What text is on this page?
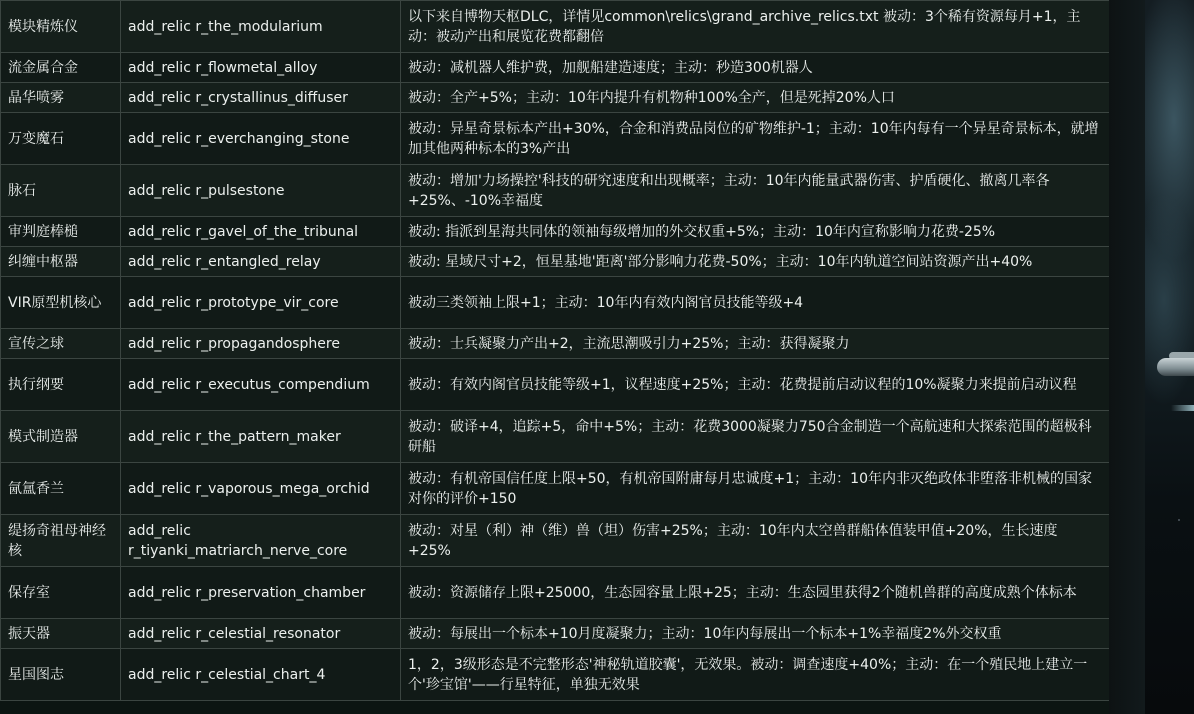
模块精炼仪	add_relic r_the_modularium	以下来自博物天枢DLC，详情见common\relics\grand_archive_relics.txt 被动：3个稀有资源每月+1，主动：被动产出和展览花费都翻倍
流金属合金	add_relic r_flowmetal_alloy	被动：减机器人维护费，加舰船建造速度；主动：秒造300机器人
晶华喷雾	add_relic r_crystallinus_diffuser	被动：全产+5%；主动：10年内提升有机物种100%全产，但是死掉20%人口
万变魔石	add_relic r_everchanging_stone	被动：异星奇景标本产出+30%，合金和消费品岗位的矿物维护-1；主动：10年内每有一个异星奇景标本，就增加其他两种标本的3%产出
脉石	add_relic r_pulsestone	被动：增加'力场操控'科技的研究速度和出现概率；主动：10年内能量武器伤害、护盾硬化、撤离几率各+25%、-10%幸福度
审判庭棒槌	add_relic r_gavel_of_the_tribunal	被动: 指派到星海共同体的领袖每级增加的外交权重+5%；主动：10年内宣称影响力花费-25%
纠缠中枢器	add_relic r_entangled_relay	被动: 星域尺寸+2，恒星基地'距离'部分影响力花费-50%；主动：10年内轨道空间站资源产出+40%
VIR原型机核心	add_relic r_prototype_vir_core	被动三类领袖上限+1；主动：10年内有效内阁官员技能等级+4
宣传之球	add_relic r_propagandosphere	被动：士兵凝聚力产出+2，主流思潮吸引力+25%；主动：获得凝聚力
执行纲要	add_relic r_executus_compendium	被动：有效内阁官员技能等级+1，议程速度+25%；主动：花费提前启动议程的10%凝聚力来提前启动议程
模式制造器	add_relic r_the_pattern_maker	被动：破译+4，追踪+5，命中+5%；主动：花费3000凝聚力750合金制造一个高航速和大探索范围的超极科研船
氤氲香兰	add_relic r_vaporous_mega_orchid	被动：有机帝国信任度上限+50，有机帝国附庸每月忠诚度+1；主动：10年内非灭绝政体非堕落非机械的国家对你的评价+150
缇扬奇祖母神经核	add_relic r_tiyanki_matriarch_nerve_core	被动：对星（利）神（维）兽（坦）伤害+25%；主动：10年内太空兽群船体值装甲值+20%，生长速度+25%
保存室	add_relic r_preservation_chamber	被动：资源储存上限+25000，生态园容量上限+25；主动：生态园里获得2个随机兽群的高度成熟个体标本
振天器	add_relic r_celestial_resonator	被动：每展出一个标本+10月度凝聚力；主动：10年内每展出一个标本+1%幸福度2%外交权重
星国图志	add_relic r_celestial_chart_4	1，2，3级形态是不完整形态'神秘轨道胶囊'，无效果。被动：调查速度+40%；主动：在一个殖民地上建立一个'珍宝馆'——行星特征，单独无效果
